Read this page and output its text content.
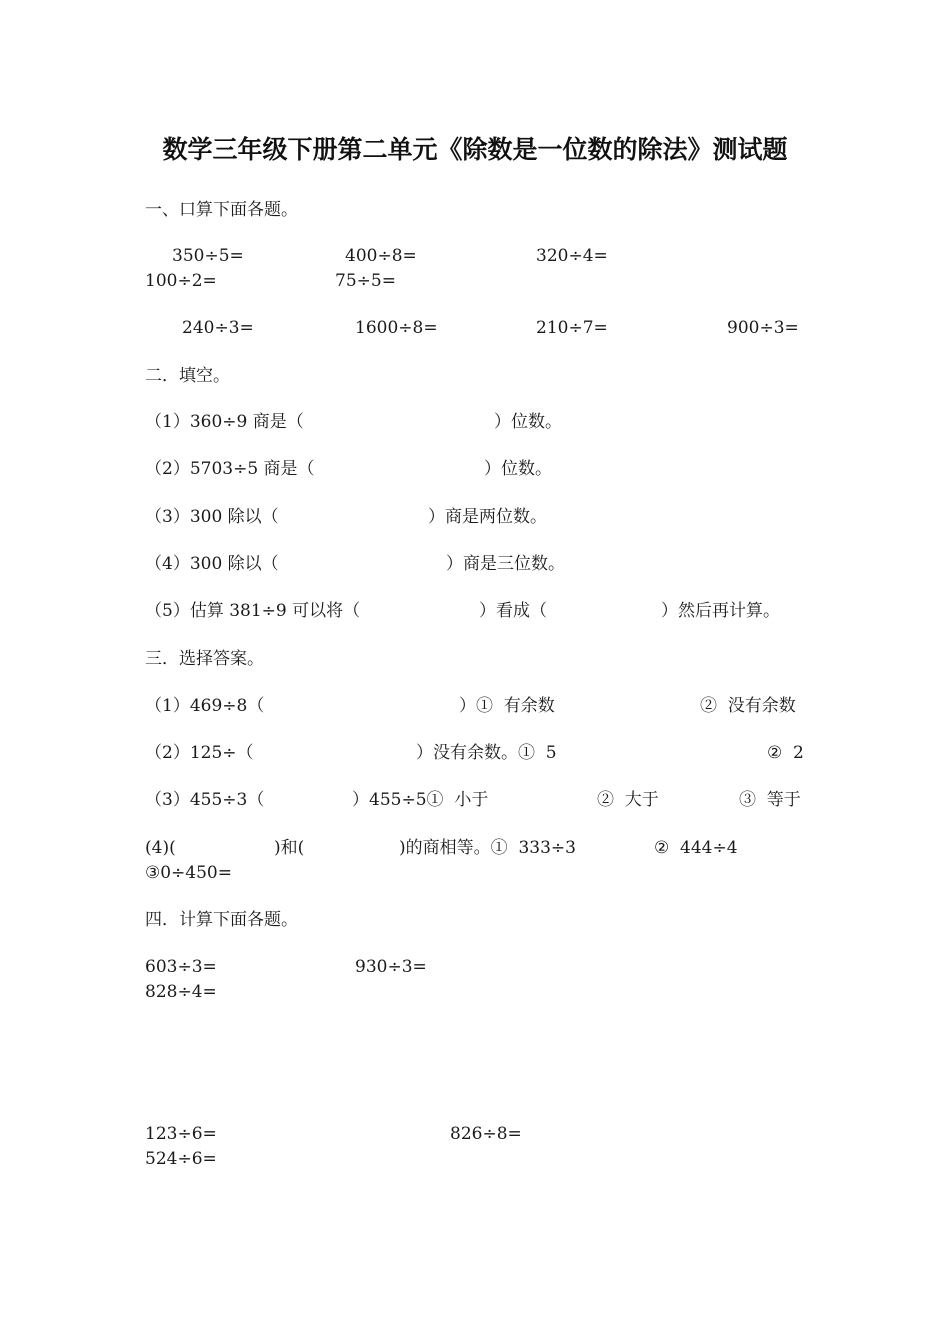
数学三年级下册第二单元《除数是一位数的除法》测试题
一、口算下面各题。
350÷5=	400÷8=	320÷4=
100÷2=	75÷5=
240÷3=	1600÷8=	210÷7=	900÷3=
二．填空。
（1）360÷9 商是（	）位数。
（2）5703÷5 商是（	）位数。
（3）300 除以（	）商是两位数。
（4）300 除以（	）商是三位数。
（5）估算 381÷9 可以将（	）看成（	）然后再计算。
三．选择答案。
（1）469÷8（	）①  有余数	②  没有余数
（2）125÷（	）没有余数。①  5	②  2
（3）455÷3（	）455÷5①  小于	②  大于	③  等于
(4)(	)和(	)的商相等。①  333÷3	②  444÷4
③0÷450=
四．计算下面各题。
603÷3=	930÷3=
828÷4=
123÷6=	826÷8=
524÷6=
